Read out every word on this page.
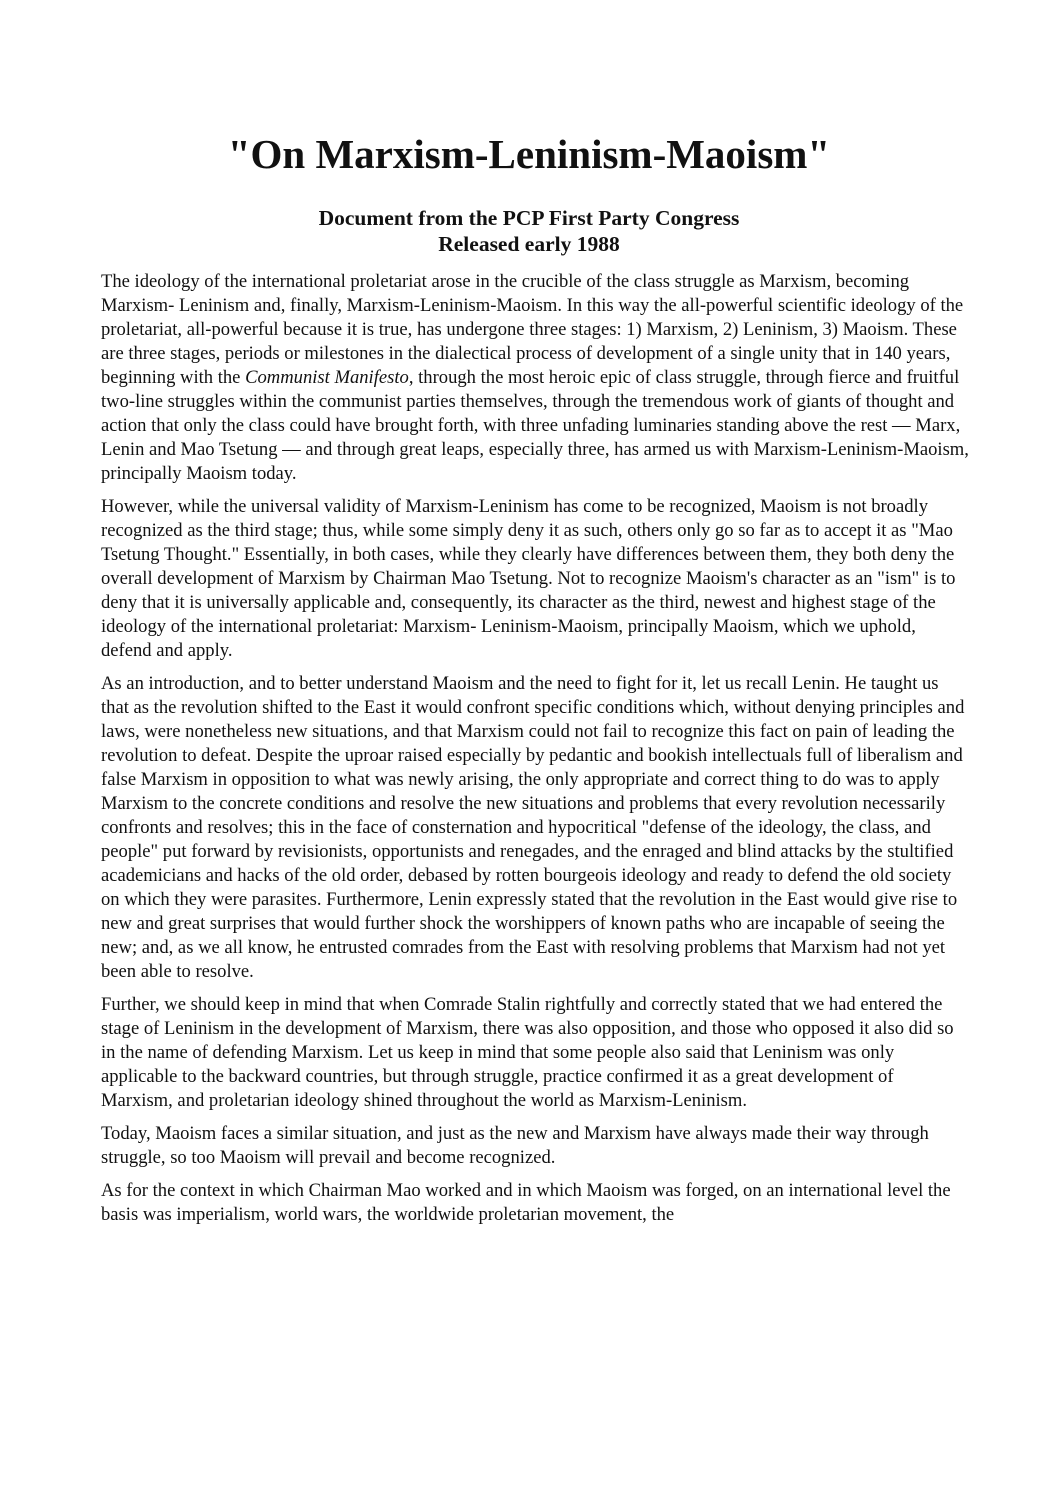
"On Marxism-Leninism-Maoism"
Document from the PCP First Party Congress
Released early 1988

The ideology of the international proletariat arose in the crucible of the class struggle as Marxism, becoming Marxism- Leninism and, finally, Marxism-Leninism-Maoism. In this way the all-powerful scientific ideology of the proletariat, all-powerful because it is true, has undergone three stages: 1) Marxism, 2) Leninism, 3) Maoism. These are three stages, periods or milestones in the dialectical process of development of a single unity that in 140 years, beginning with the Communist Manifesto, through the most heroic epic of class struggle, through fierce and fruitful two-line struggles within the communist parties themselves, through the tremendous work of giants of thought and action that only the class could have brought forth, with three unfading luminaries standing above the rest — Marx, Lenin and Mao Tsetung — and through great leaps, especially three, has armed us with Marxism-Leninism-Maoism, principally Maoism today.

However, while the universal validity of Marxism-Leninism has come to be recognized, Maoism is not broadly recognized as the third stage; thus, while some simply deny it as such, others only go so far as to accept it as "Mao Tsetung Thought." Essentially, in both cases, while they clearly have differences between them, they both deny the overall development of Marxism by Chairman Mao Tsetung. Not to recognize Maoism's character as an "ism" is to deny that it is universally applicable and, consequently, its character as the third, newest and highest stage of the ideology of the international proletariat: Marxism- Leninism-Maoism, principally Maoism, which we uphold, defend and apply.

As an introduction, and to better understand Maoism and the need to fight for it, let us recall Lenin. He taught us that as the revolution shifted to the East it would confront specific conditions which, without denying principles and laws, were nonetheless new situations, and that Marxism could not fail to recognize this fact on pain of leading the revolution to defeat. Despite the uproar raised especially by pedantic and bookish intellectuals full of liberalism and false Marxism in opposition to what was newly arising, the only appropriate and correct thing to do was to apply Marxism to the concrete conditions and resolve the new situations and problems that every revolution necessarily confronts and resolves; this in the face of consternation and hypocritical "defense of the ideology, the class, and people" put forward by revisionists, opportunists and renegades, and the enraged and blind attacks by the stultified academicians and hacks of the old order, debased by rotten bourgeois ideology and ready to defend the old society on which they were parasites. Furthermore, Lenin expressly stated that the revolution in the East would give rise to new and great surprises that would further shock the worshippers of known paths who are incapable of seeing the new; and, as we all know, he entrusted comrades from the East with resolving problems that Marxism had not yet been able to resolve.

Further, we should keep in mind that when Comrade Stalin rightfully and correctly stated that we had entered the stage of Leninism in the development of Marxism, there was also opposition, and those who opposed it also did so in the name of defending Marxism. Let us keep in mind that some people also said that Leninism was only applicable to the backward countries, but through struggle, practice confirmed it as a great development of Marxism, and proletarian ideology shined throughout the world as Marxism-Leninism.

Today, Maoism faces a similar situation, and just as the new and Marxism have always made their way through struggle, so too Maoism will prevail and become recognized.

As for the context in which Chairman Mao worked and in which Maoism was forged, on an international level the basis was imperialism, world wars, the worldwide proletarian movement, the
